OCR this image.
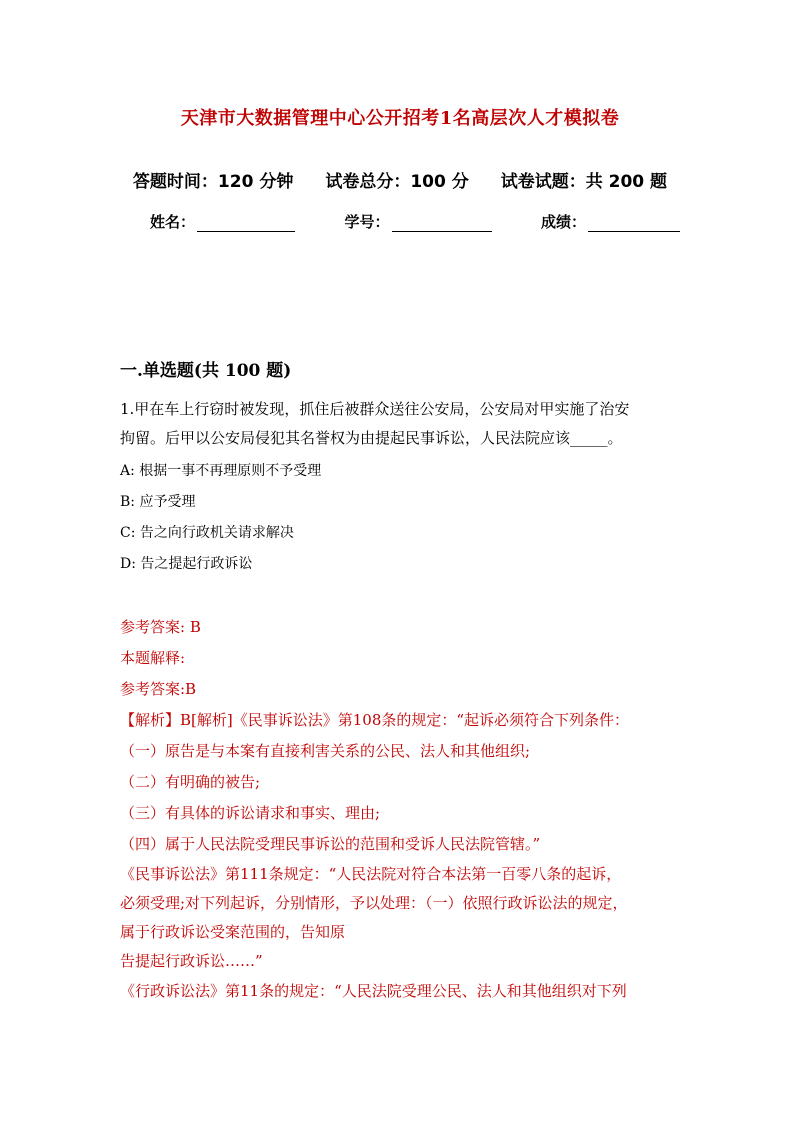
天津市大数据管理中心公开招考1名高层次人才模拟卷
答题时间：120 分钟 试卷总分：100 分 试卷试题：共 200 题
姓名：	学号：	成绩：
一.单选题(共 100 题)
1.甲在车上行窃时被发现，抓住后被群众送往公安局，公安局对甲实施了治安
拘留。后甲以公安局侵犯其名誉权为由提起民事诉讼，人民法院应该_____。
A: 根据一事不再理原则不予受理
B: 应予受理
C: 告之向行政机关请求解决
D: 告之提起行政诉讼

参考答案: B

本题解释:

参考答案:B

【解析】B[解析]《民事诉讼法》第108条的规定：“起诉必须符合下列条件：

（一）原告是与本案有直接利害关系的公民、法人和其他组织;

（二）有明确的被告;

（三）有具体的诉讼请求和事实、理由;

（四）属于人民法院受理民事诉讼的范围和受诉人民法院管辖。”

《民事诉讼法》第111条规定：“人民法院对符合本法第一百零八条的起诉，

必须受理;对下列起诉，分别情形，予以处理：（一）依照行政诉讼法的规定，

属于行政诉讼受案范围的，告知原

告提起行政诉讼……”

《行政诉讼法》第11条的规定：“人民法院受理公民、法人和其他组织对下列
